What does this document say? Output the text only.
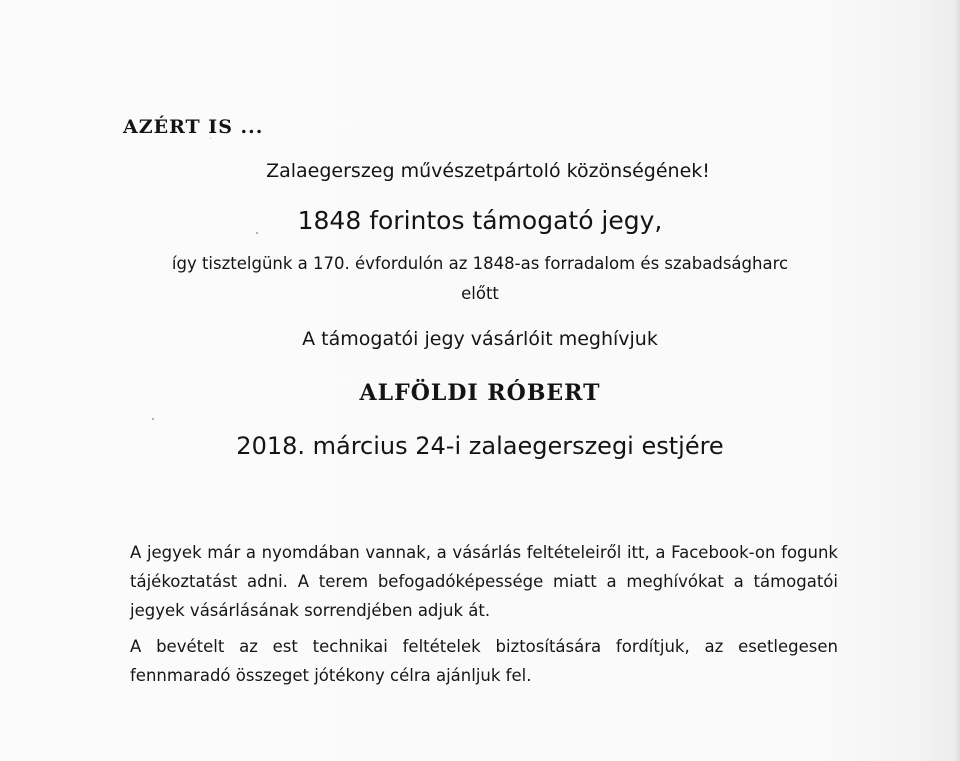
AZÉRT IS ...
Zalaegerszeg művészetpártoló közönségének!
1848 forintos támogató jegy,
így tisztelgünk a 170. évfordulón az 1848-as forradalom és szabadságharc
előtt
A támogatói jegy vásárlóit meghívjuk
ALFÖLDI RÓBERT
2018. március 24-i zalaegerszegi estjére
A jegyek már a nyomdában vannak, a vásárlás feltételeiről itt, a Facebook-on fogunk tájékoztatást adni. A terem befogadóképessége miatt a meghívókat a támogatói jegyek vásárlásának sorrendjében adjuk át.
A bevételt az est technikai feltételek biztosítására fordítjuk, az esetlegesen fennmaradó összeget jótékony célra ajánljuk fel.
